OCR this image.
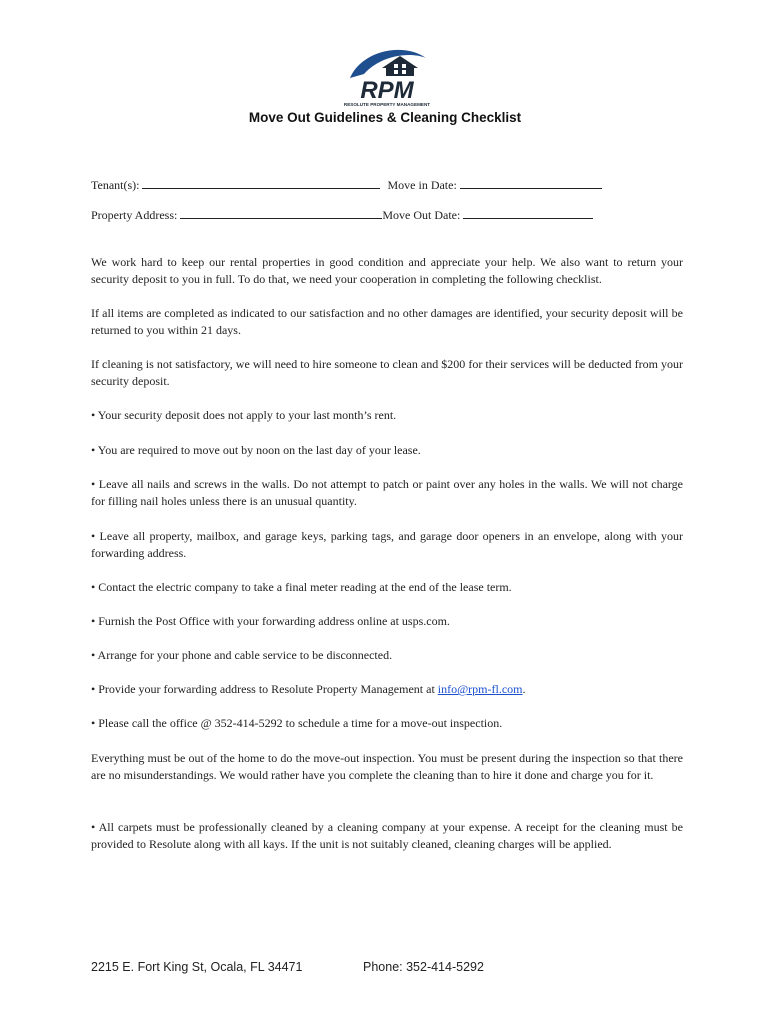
RPM
RESOLUTE PROPERTY MANAGEMENT
Move Out Guidelines & Cleaning Checklist
Tenant(s):	Move in Date:
Property Address:	Move Out Date:

We work hard to keep our rental properties in good condition and appreciate your help. We also want to return your security deposit to you in full. To do that, we need your cooperation in completing the following checklist.

If all items are completed as indicated to our satisfaction and no other damages are identified, your security deposit will be returned to you within 21 days.

If cleaning is not satisfactory, we will need to hire someone to clean and $200 for their services will be deducted from your security deposit.

• Your security deposit does not apply to your last month’s rent.

• You are required to move out by noon on the last day of your lease.

• Leave all nails and screws in the walls. Do not attempt to patch or paint over any holes in the walls. We will not charge for filling nail holes unless there is an unusual quantity.

• Leave all property, mailbox, and garage keys, parking tags, and garage door openers in an envelope, along with your forwarding address.

• Contact the electric company to take a final meter reading at the end of the lease term.

• Furnish the Post Office with your forwarding address online at usps.com.

• Arrange for your phone and cable service to be disconnected.

• Provide your forwarding address to Resolute Property Management at info@rpm-fl.com.

• Please call the office @ 352-414-5292 to schedule a time for a move-out inspection.

Everything must be out of the home to do the move-out inspection. You must be present during the inspection so that there are no misunderstandings. We would rather have you complete the cleaning than to hire it done and charge you for it.

• All carpets must be professionally cleaned by a cleaning company at your expense. A receipt for the cleaning must be provided to Resolute along with all kays. If the unit is not suitably cleaned, cleaning charges will be applied.

2215 E. Fort King St, Ocala, FL 34471	Phone: 352-414-5292
